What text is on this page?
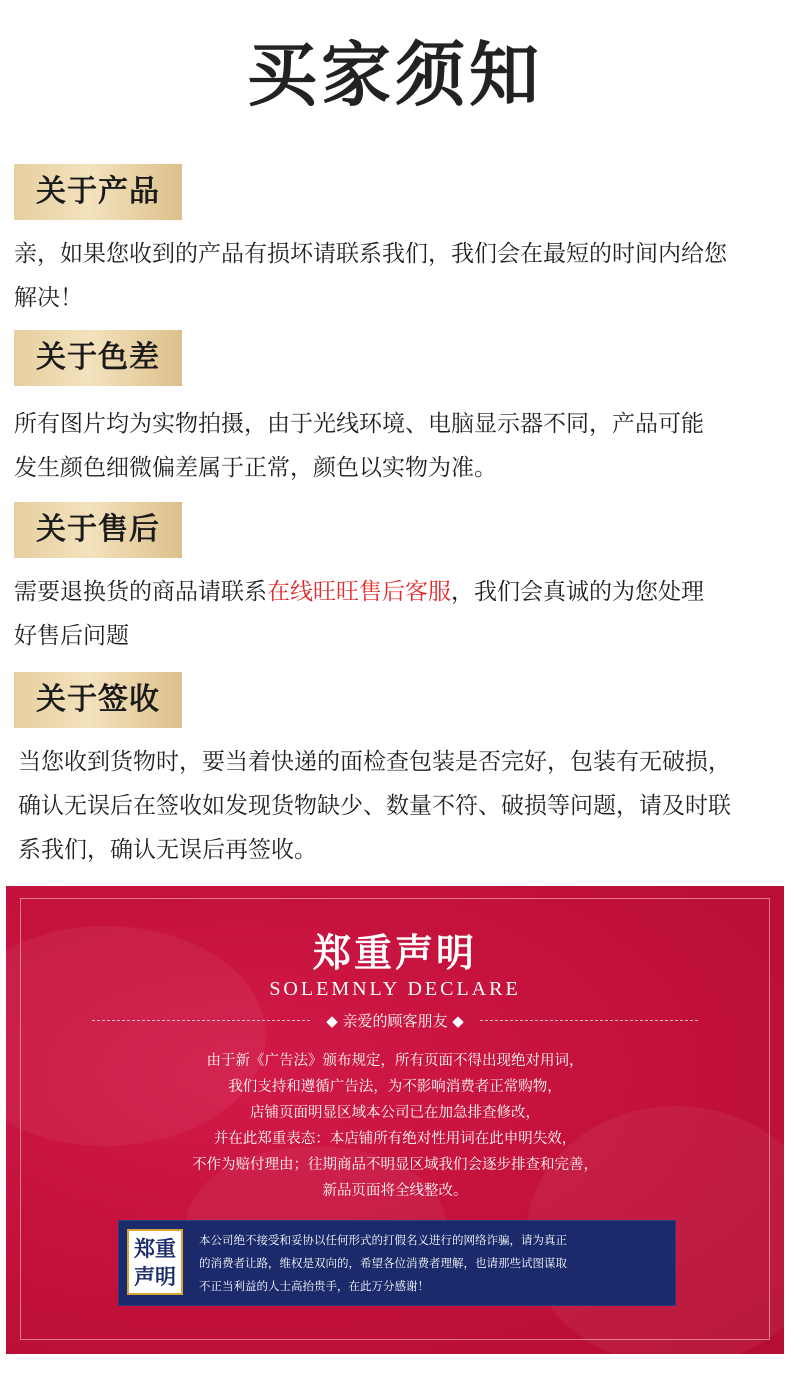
买家须知
关于产品
亲，如果您收到的产品有损坏请联系我们，我们会在最短的时间内给您
解决！
关于色差
所有图片均为实物拍摄，由于光线环境、电脑显示器不同，产品可能
发生颜色细微偏差属于正常，颜色以实物为准。
关于售后
需要退换货的商品请联系在线旺旺售后客服，我们会真诚的为您处理
好售后问题
关于签收
当您收到货物时，要当着快递的面检查包装是否完好，包装有无破损，
确认无误后在签收如发现货物缺少、数量不符、破损等问题，请及时联
系我们，确认无误后再签收。
郑重声明
SOLEMNLY DECLARE
◆ 亲爱的顾客朋友 ◆
由于新《广告法》颁布规定，所有页面不得出现绝对用词，
我们支持和遵循广告法，为不影响消费者正常购物，
店铺页面明显区域本公司已在加急排查修改，
并在此郑重表态：本店铺所有绝对性用词在此申明失效，
不作为赔付理由；往期商品不明显区域我们会逐步排查和完善，
新品页面将全线整改。
郑重
声明
本公司绝不接受和妥协以任何形式的打假名义进行的网络诈骗，请为真正
的消费者让路，维权是双向的，希望各位消费者理解，也请那些试图谋取
不正当利益的人士高抬贵手，在此万分感谢！
